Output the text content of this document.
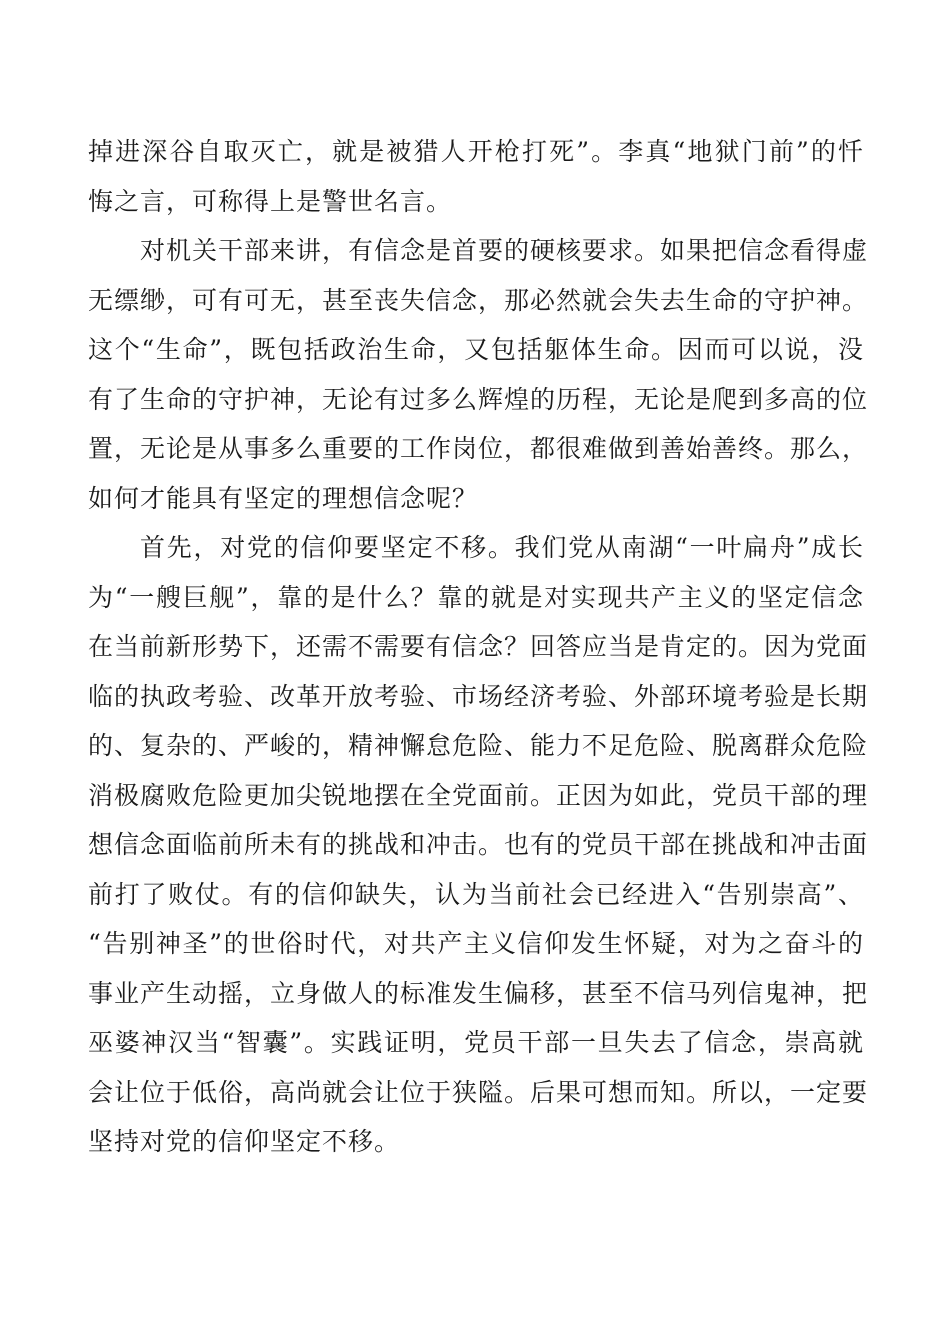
掉进深谷自取灭亡，就是被猎人开枪打死”。李真“地狱门前”的忏
悔之言，可称得上是警世名言。
对机关干部来讲，有信念是首要的硬核要求。如果把信念看得虚
无缥缈，可有可无，甚至丧失信念，那必然就会失去生命的守护神。
这个“生命”，既包括政治生命，又包括躯体生命。因而可以说，没
有了生命的守护神，无论有过多么辉煌的历程，无论是爬到多高的位
置，无论是从事多么重要的工作岗位，都很难做到善始善终。那么，
如何才能具有坚定的理想信念呢？
首先，对党的信仰要坚定不移。我们党从南湖“一叶扁舟”成长
为“一艘巨舰”，靠的是什么？靠的就是对实现共产主义的坚定信念
在当前新形势下，还需不需要有信念？回答应当是肯定的。因为党面
临的执政考验、改革开放考验、市场经济考验、外部环境考验是长期
的、复杂的、严峻的，精神懈怠危险、能力不足危险、脱离群众危险
消极腐败危险更加尖锐地摆在全党面前。正因为如此，党员干部的理
想信念面临前所未有的挑战和冲击。也有的党员干部在挑战和冲击面
前打了败仗。有的信仰缺失，认为当前社会已经进入“告别崇高”、
“告别神圣”的世俗时代，对共产主义信仰发生怀疑，对为之奋斗的
事业产生动摇，立身做人的标准发生偏移，甚至不信马列信鬼神，把
巫婆神汉当“智囊”。实践证明，党员干部一旦失去了信念，崇高就
会让位于低俗，高尚就会让位于狭隘。后果可想而知。所以，一定要
坚持对党的信仰坚定不移。
